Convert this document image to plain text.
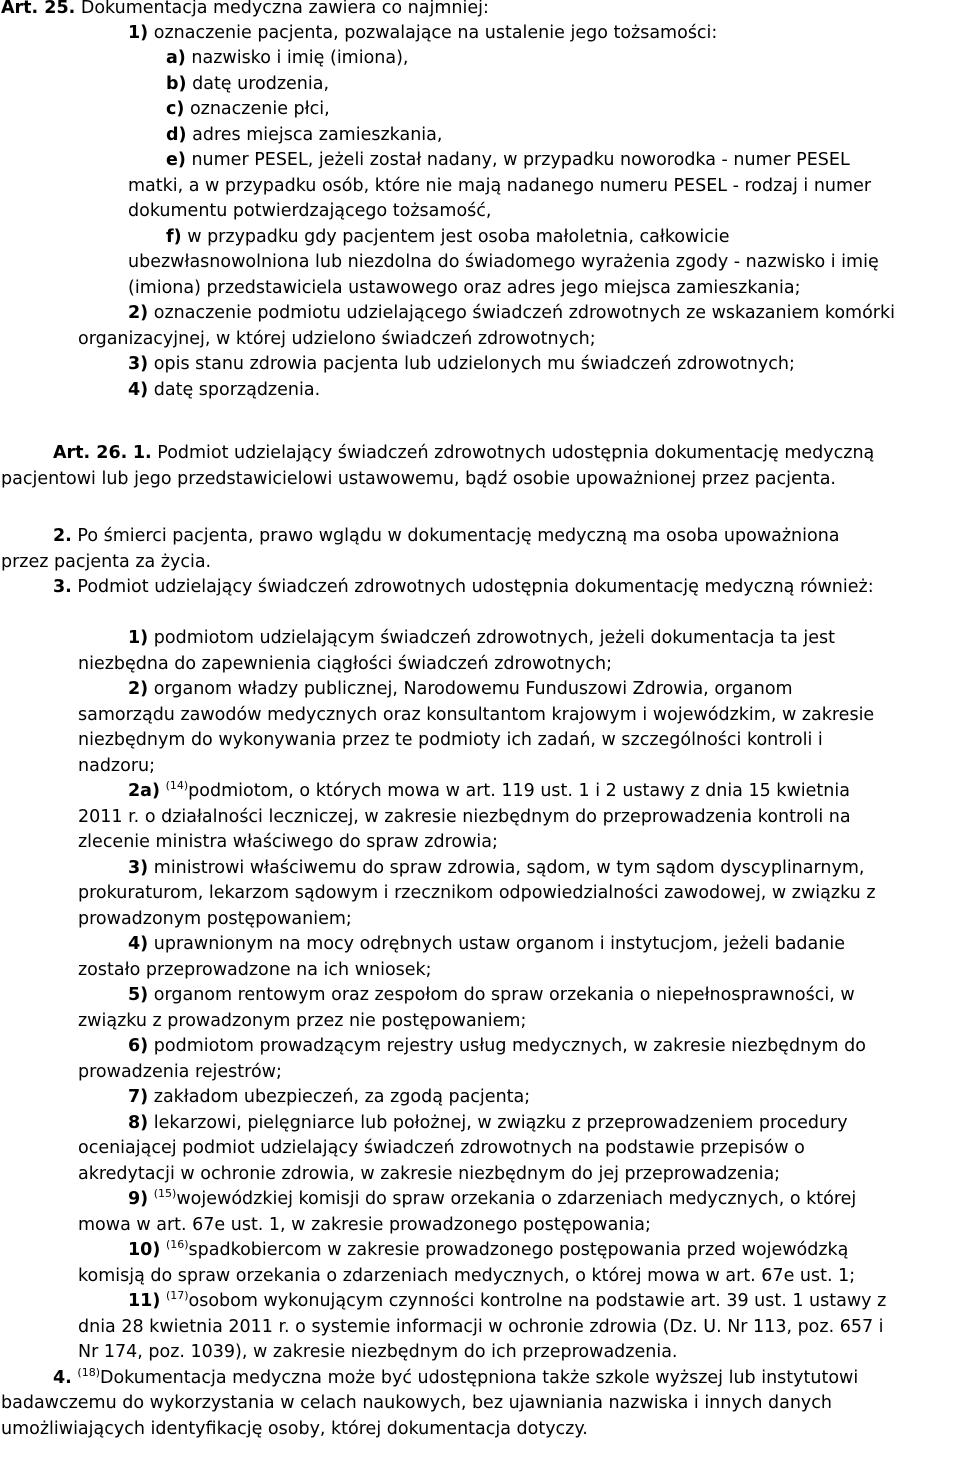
Art. 25. Dokumentacja medyczna zawiera co najmniej:
1) oznaczenie pacjenta, pozwalające na ustalenie jego tożsamości:
a) nazwisko i imię (imiona),
b) datę urodzenia,
c) oznaczenie płci,
d) adres miejsca zamieszkania,
e) numer PESEL, jeżeli został nadany, w przypadku noworodka - numer PESEL
matki, a w przypadku osób, które nie mają nadanego numeru PESEL - rodzaj i numer
dokumentu potwierdzającego tożsamość,
f) w przypadku gdy pacjentem jest osoba małoletnia, całkowicie
ubezwłasnowolniona lub niezdolna do świadomego wyrażenia zgody - nazwisko i imię
(imiona) przedstawiciela ustawowego oraz adres jego miejsca zamieszkania;
2) oznaczenie podmiotu udzielającego świadczeń zdrowotnych ze wskazaniem komórki
organizacyjnej, w której udzielono świadczeń zdrowotnych;
3) opis stanu zdrowia pacjenta lub udzielonych mu świadczeń zdrowotnych;
4) datę sporządzenia.
Art. 26. 1. Podmiot udzielający świadczeń zdrowotnych udostępnia dokumentację medyczną
pacjentowi lub jego przedstawicielowi ustawowemu, bądź osobie upoważnionej przez pacjenta.
2. Po śmierci pacjenta, prawo wglądu w dokumentację medyczną ma osoba upoważniona
przez pacjenta za życia.
3. Podmiot udzielający świadczeń zdrowotnych udostępnia dokumentację medyczną również:
1) podmiotom udzielającym świadczeń zdrowotnych, jeżeli dokumentacja ta jest
niezbędna do zapewnienia ciągłości świadczeń zdrowotnych;
2) organom władzy publicznej, Narodowemu Funduszowi Zdrowia, organom
samorządu zawodów medycznych oraz konsultantom krajowym i wojewódzkim, w zakresie
niezbędnym do wykonywania przez te podmioty ich zadań, w szczególności kontroli i
nadzoru;
2a) $^{(14)}$podmiotom, o których mowa w art. 119 ust. 1 i 2 ustawy z dnia 15 kwietnia
2011 r. o działalności leczniczej, w zakresie niezbędnym do przeprowadzenia kontroli na
zlecenie ministra właściwego do spraw zdrowia;
3) ministrowi właściwemu do spraw zdrowia, sądom, w tym sądom dyscyplinarnym,
prokuraturom, lekarzom sądowym i rzecznikom odpowiedzialności zawodowej, w związku z
prowadzonym postępowaniem;
4) uprawnionym na mocy odrębnych ustaw organom i instytucjom, jeżeli badanie
zostało przeprowadzone na ich wniosek;
5) organom rentowym oraz zespołom do spraw orzekania o niepełnosprawności, w
związku z prowadzonym przez nie postępowaniem;
6) podmiotom prowadzącym rejestry usług medycznych, w zakresie niezbędnym do
prowadzenia rejestrów;
7) zakładom ubezpieczeń, za zgodą pacjenta;
8) lekarzowi, pielęgniarce lub położnej, w związku z przeprowadzeniem procedury
oceniającej podmiot udzielający świadczeń zdrowotnych na podstawie przepisów o
akredytacji w ochronie zdrowia, w zakresie niezbędnym do jej przeprowadzenia;
9) $^{(15)}$wojewódzkiej komisji do spraw orzekania o zdarzeniach medycznych, o której
mowa w art. 67e ust. 1, w zakresie prowadzonego postępowania;
10) $^{(16)}$spadkobiercom w zakresie prowadzonego postępowania przed wojewódzką
komisją do spraw orzekania o zdarzeniach medycznych, o której mowa w art. 67e ust. 1;
11) $^{(17)}$osobom wykonującym czynności kontrolne na podstawie art. 39 ust. 1 ustawy z
dnia 28 kwietnia 2011 r. o systemie informacji w ochronie zdrowia (Dz. U. Nr 113, poz. 657 i
Nr 174, poz. 1039), w zakresie niezbędnym do ich przeprowadzenia.
4. $^{(18)}$Dokumentacja medyczna może być udostępniona także szkole wyższej lub instytutowi
badawczemu do wykorzystania w celach naukowych, bez ujawniania nazwiska i innych danych
umożliwiających identyfikację osoby, której dokumentacja dotyczy.
